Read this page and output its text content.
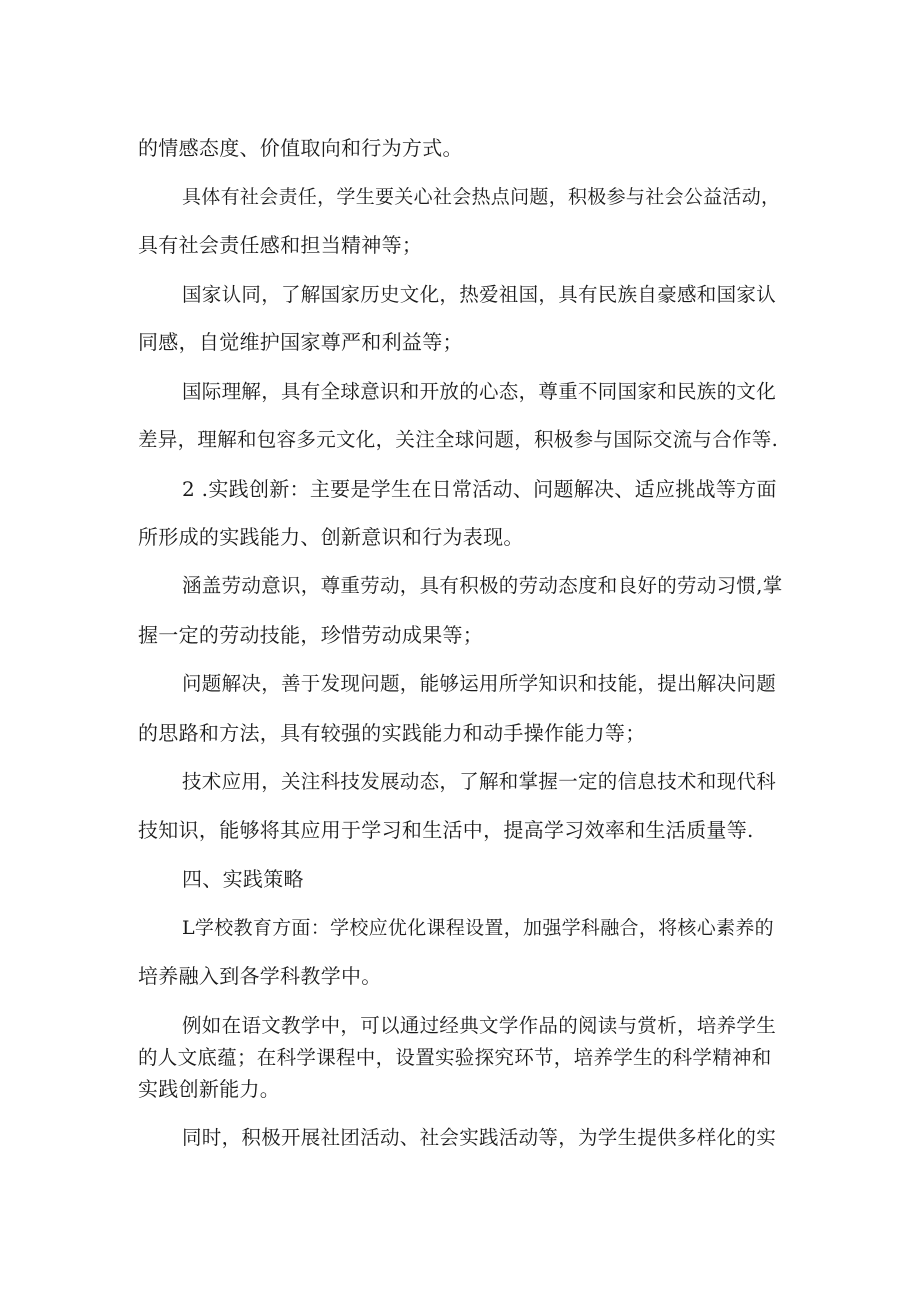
的情感态度、价值取向和行为方式。
具体有社会责任，学生要关心社会热点问题，积极参与社会公益活动，
具有社会责任感和担当精神等；
国家认同，了解国家历史文化，热爱祖国，具有民族自豪感和国家认
同感，自觉维护国家尊严和利益等；
国际理解，具有全球意识和开放的心态，尊重不同国家和民族的文化
差异，理解和包容多元文化，关注全球问题，积极参与国际交流与合作等.
2 .实践创新：主要是学生在日常活动、问题解决、适应挑战等方面
所形成的实践能力、创新意识和行为表现。
涵盖劳动意识，尊重劳动，具有积极的劳动态度和良好的劳动习惯,掌
握一定的劳动技能，珍惜劳动成果等；
问题解决，善于发现问题，能够运用所学知识和技能，提出解决问题
的思路和方法，具有较强的实践能力和动手操作能力等；
技术应用，关注科技发展动态，了解和掌握一定的信息技术和现代科
技知识，能够将其应用于学习和生活中，提高学习效率和生活质量等.
四、实践策略
L学校教育方面：学校应优化课程设置，加强学科融合，将核心素养的
培养融入到各学科教学中。
例如在语文教学中，可以通过经典文学作品的阅读与赏析，培养学生
的人文底蕴；在科学课程中，设置实验探究环节，培养学生的科学精神和
实践创新能力。
同时，积极开展社团活动、社会实践活动等，为学生提供多样化的实
